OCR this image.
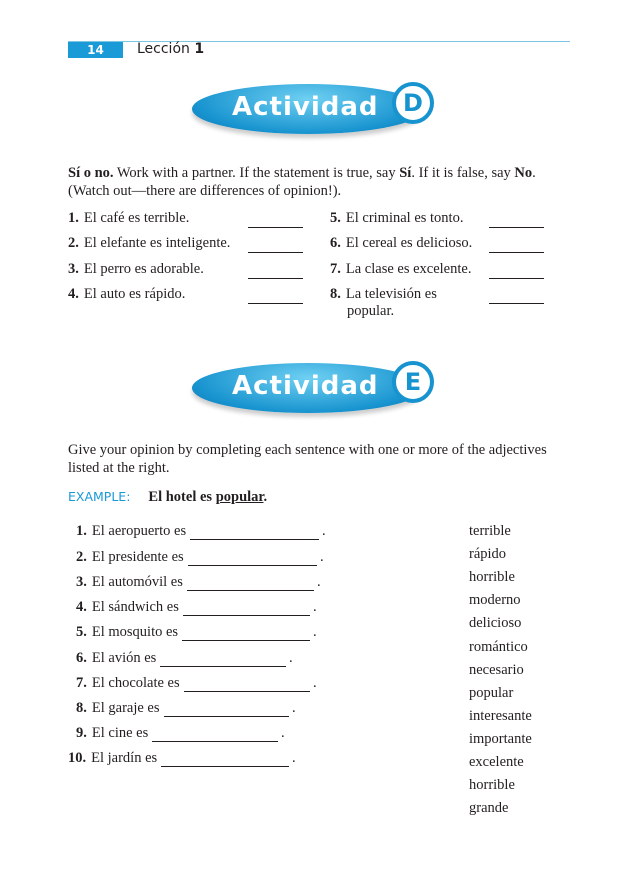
14	Lección 1
Actividad	D
Sí o no. Work with a partner. If the statement is true, say Sí. If it is false, say No.
(Watch out—there are differences of opinion!).
1. El café es terrible.
2. El elefante es inteligente.
3. El perro es adorable.
4. El auto es rápido.
5. El criminal es tonto.
6. El cereal es delicioso.
7. La clase es excelente.
8. La televisión es
popular.
Actividad	E
Give your opinion by completing each sentence with one or more of the adjectives listed at the right.
EXAMPLE: El hotel es popular.
1. El aeropuerto es	.
2. El presidente es	.
3. El automóvil es	.
4. El sándwich es	.
5. El mosquito es	.
6. El avión es	.
7. El chocolate es	.
8. El garaje es	.
9. El cine es	.
10. El jardín es	.
terrible
rápido
horrible
moderno
delicioso
romántico
necesario
popular
interesante
importante
excelente
horrible
grande
